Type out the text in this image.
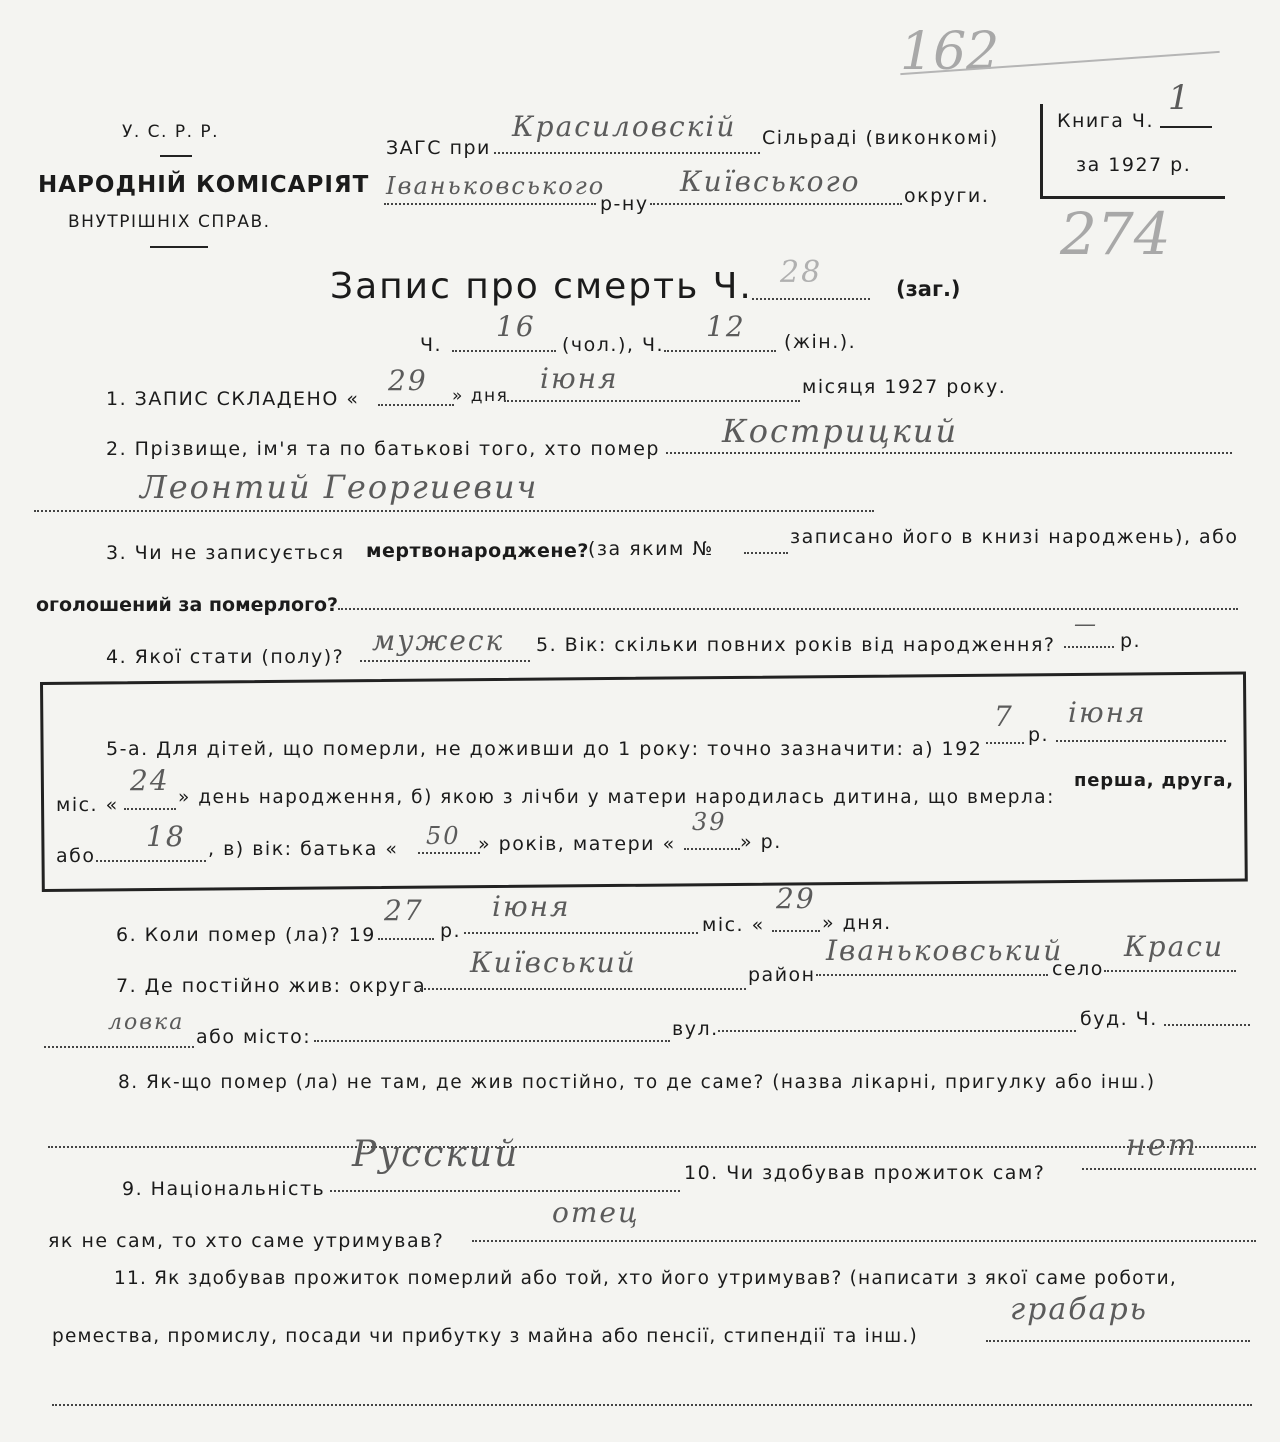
162
274
У. С. Р. Р.
НАРОДНІЙ КОМІСАРІЯТ
ВНУТРІШНІХ СПРАВ.
ЗАГС при
Красиловскій Сільраді (виконкомі)
Іваньковського
р-ну
Київського округи.
Книга Ч.
1
за 1927 р.
Запис про смерть Ч. 28	(заг.)
Ч.
16
(чол.), Ч.
12 (жін.).
1. ЗАПИС СКЛАДЕНО «
29 » дня
іюня	місяця 1927 року.
2. Прізвище, ім'я та по батькові того, хто помер Кострицкий
Леонтий Георгиевич
3. Чи не записується мертвонароджене? (за яким №
записано його в книзі народжень), або
оголошений за померлого?
4. Якої стати (полу)? мужеск 5. Вік: скільки повних років від народження?
—
р.
5-а. Для дітей, що померли, не доживши до 1 року: точно зазначити: а) 192
7
р.
іюня
міс. «
24
» день народження, б) якою з лічби у матери народилась дитина, що вмерла:
перша, друга,
або
18 , в) вік: батька « 50 » років, матери «
39
» р.
6. Коли помер (ла)? 19
27
р.
іюня
міс. «
29
» дня.
7. Де постійно жив: округа
Київський	район
Іваньковський
село
Краси
ловка
або місто:	вул.	буд. Ч.
8. Як-що помер (ла) не там, де жив постійно, то де саме? (назва лікарні, пригулку або інш.)
9. Національність
Русский	10. Чи здобував прожиток сам?
нет
як не сам, то хто саме утримував?
отец
11. Як здобував прожиток померлий або той, хто його утримував? (написати з якої саме роботи,
ремества, промислу, посади чи прибутку з майна або пенсії, стипендії та інш.)
грабарь
